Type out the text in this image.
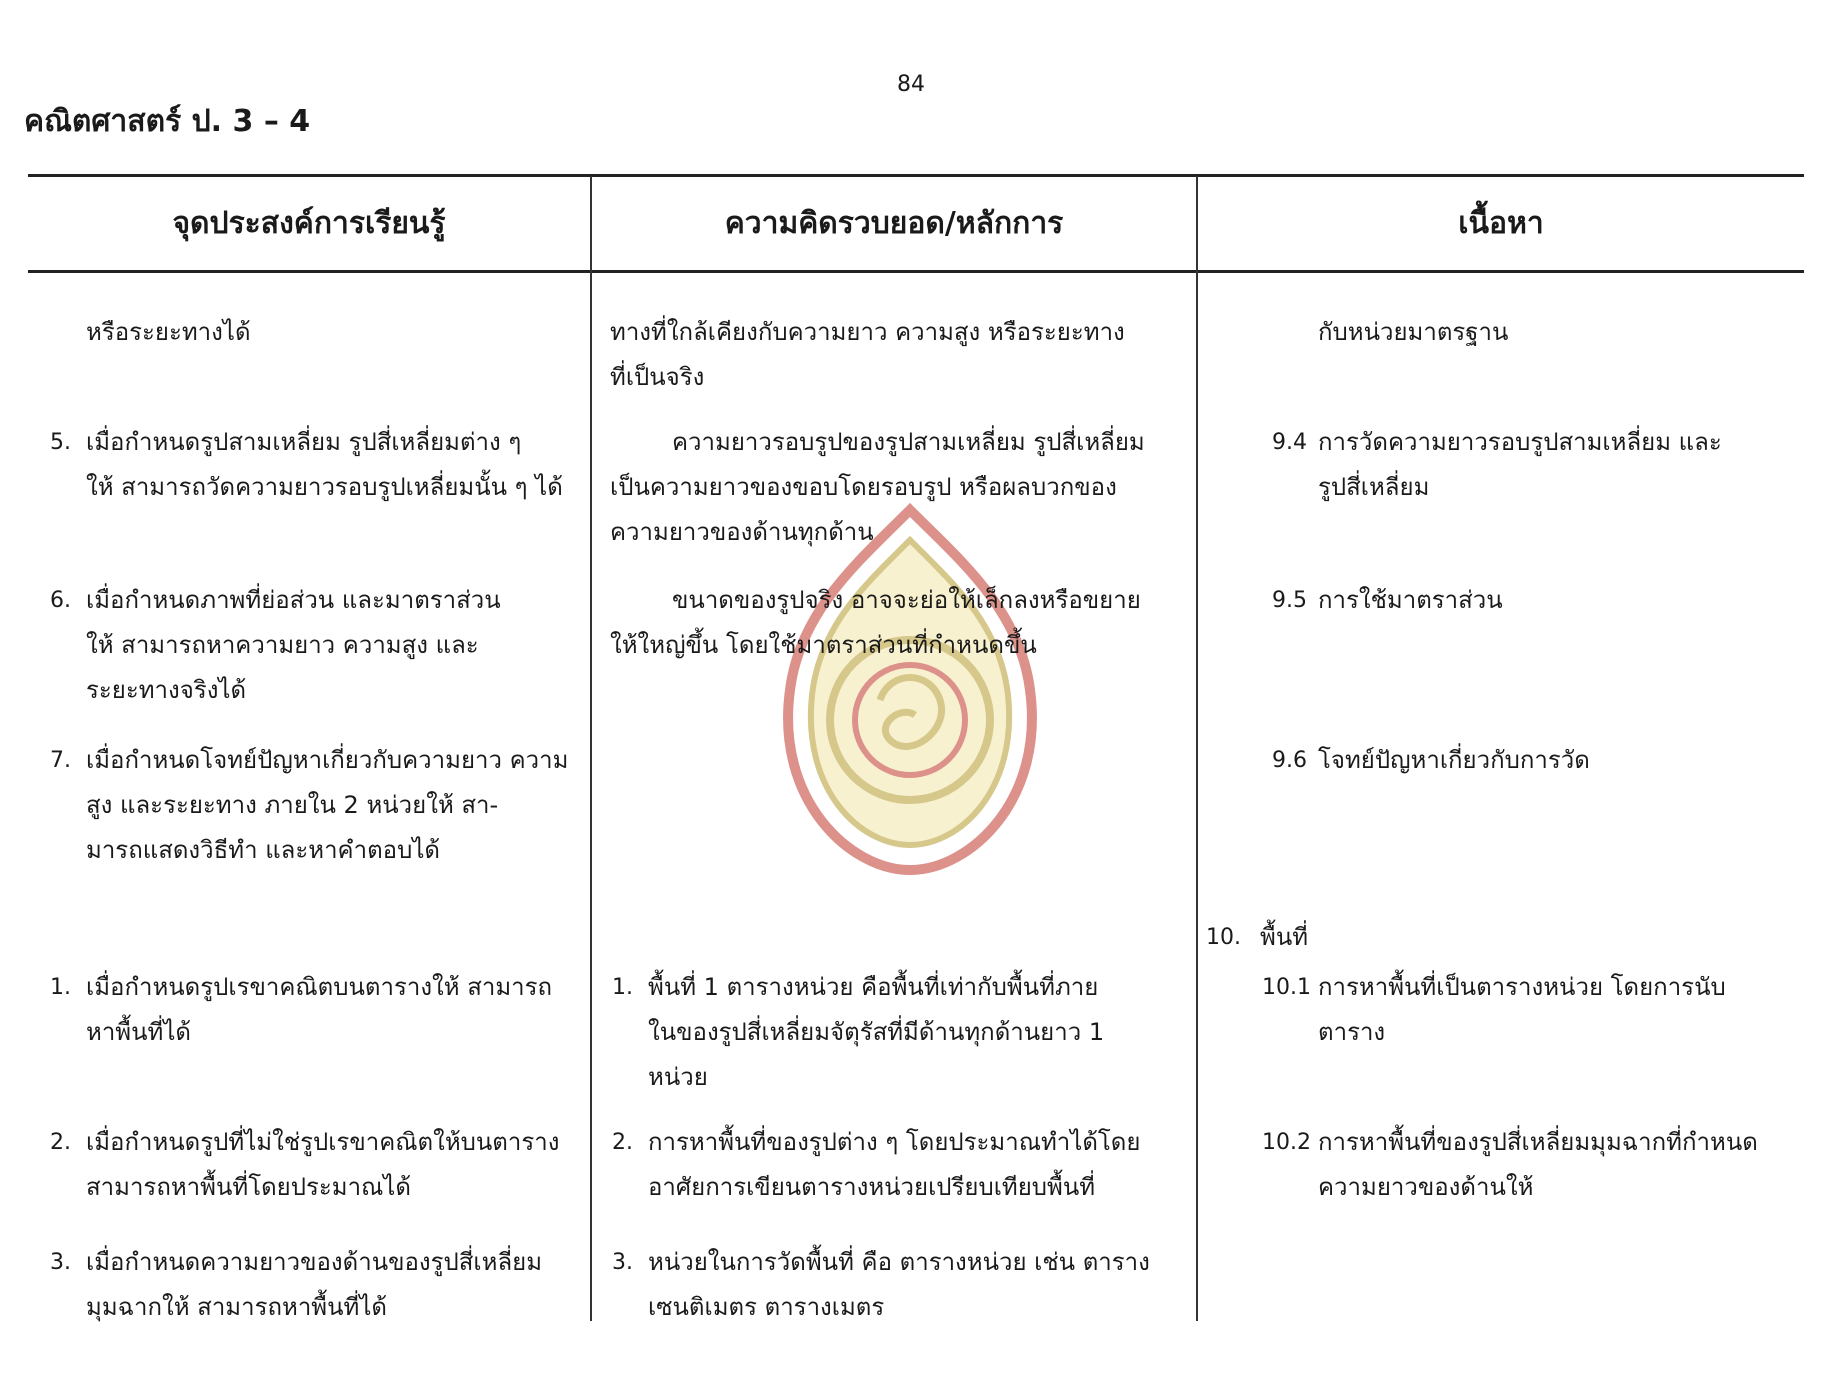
84
คณิตศาสตร์ ป. 3 – 4
จุดประสงค์การเรียนรู้	ความคิดรวบยอด/หลักการ	เนื้อหา
หรือระยะทางได้
5. เมื่อกำหนดรูปสามเหลี่ยม รูปสี่เหลี่ยมต่าง ๆ
ให้ สามารถวัดความยาวรอบรูปเหลี่ยมนั้น ๆ ได้
6. เมื่อกำหนดภาพที่ย่อส่วน และมาตราส่วน
ให้ สามารถหาความยาว ความสูง และ
ระยะทางจริงได้
7. เมื่อกำหนดโจทย์ปัญหาเกี่ยวกับความยาว ความ
สูง และระยะทาง ภายใน 2 หน่วยให้ สา-
มารถแสดงวิธีทำ และหาคำตอบได้
1. เมื่อกำหนดรูปเรขาคณิตบนตารางให้ สามารถ
หาพื้นที่ได้
2. เมื่อกำหนดรูปที่ไม่ใช่รูปเรขาคณิตให้บนตาราง
สามารถหาพื้นที่โดยประมาณได้
3. เมื่อกำหนดความยาวของด้านของรูปสี่เหลี่ยม
มุมฉากให้ สามารถหาพื้นที่ได้
ทางที่ใกล้เคียงกับความยาว ความสูง หรือระยะทาง
ที่เป็นจริง
ความยาวรอบรูปของรูปสามเหลี่ยม รูปสี่เหลี่ยม
เป็นความยาวของขอบโดยรอบรูป หรือผลบวกของ
ความยาวของด้านทุกด้าน
ขนาดของรูปจริง อาจจะย่อให้เล็กลงหรือขยาย
ให้ใหญ่ขึ้น โดยใช้มาตราส่วนที่กำหนดขึ้น
1. พื้นที่ 1 ตารางหน่วย คือพื้นที่เท่ากับพื้นที่ภาย
ในของรูปสี่เหลี่ยมจัตุรัสที่มีด้านทุกด้านยาว 1
หน่วย
2. การหาพื้นที่ของรูปต่าง ๆ โดยประมาณทำได้โดย
อาศัยการเขียนตารางหน่วยเปรียบเทียบพื้นที่
3. หน่วยในการวัดพื้นที่ คือ ตารางหน่วย เช่น ตาราง
เซนติเมตร ตารางเมตร
กับหน่วยมาตรฐาน
9.4 การวัดความยาวรอบรูปสามเหลี่ยม และ
รูปสี่เหลี่ยม
9.5 การใช้มาตราส่วน
9.6 โจทย์ปัญหาเกี่ยวกับการวัด
10. พื้นที่
10.1 การหาพื้นที่เป็นตารางหน่วย โดยการนับ
ตาราง
10.2 การหาพื้นที่ของรูปสี่เหลี่ยมมุมฉากที่กำหนด
ความยาวของด้านให้
